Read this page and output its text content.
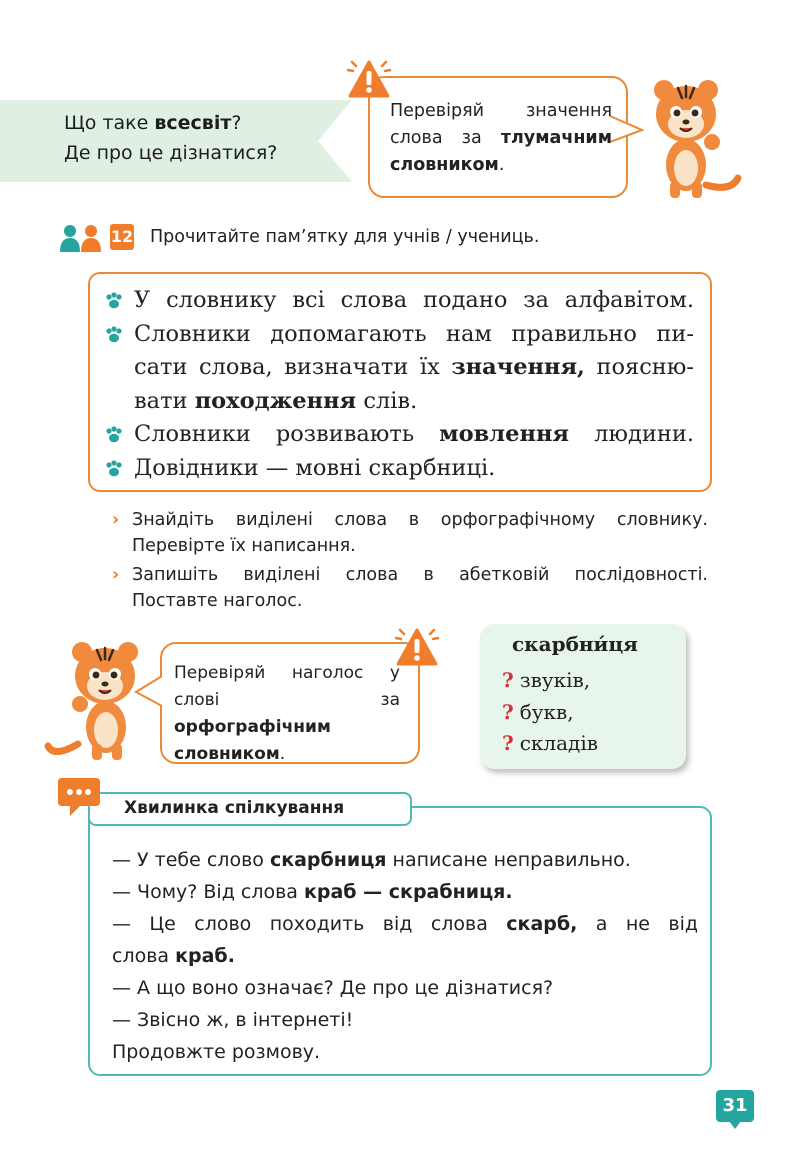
Що таке всесвіт?
Де про це дізнатися?
Перевіряй значення слова за тлумачним словником.
12 Прочитайте пам’ятку для учнів / учениць.
У словнику всі слова подано за алфавітом.
Словники допомагають нам правильно пи-
сати слова, визначати їх значення, поясню-
вати походження слів.
Словники розвивають мовлення людини.
Довідники — мовні скарбниці.
› Знайдіть виділені слова в орфографічному словнику.
Перевірте їх написання.
› Запишіть виділені слова в абетковій послідовності.
Поставте наголос.
Перевіряй наголос у слові за орфографічним словником.
скарбни́ця
? звуків,
? букв,
? складів
Хвилинка спілкування
— У тебе слово скарбниця написане неправильно.
— Чому? Від слова краб — скрабниця.
— Це слово походить від слова скарб, а не від
слова краб.
— А що воно означає? Де про це дізнатися?
— Звісно ж, в інтернеті!
Продовжте розмову.
31
